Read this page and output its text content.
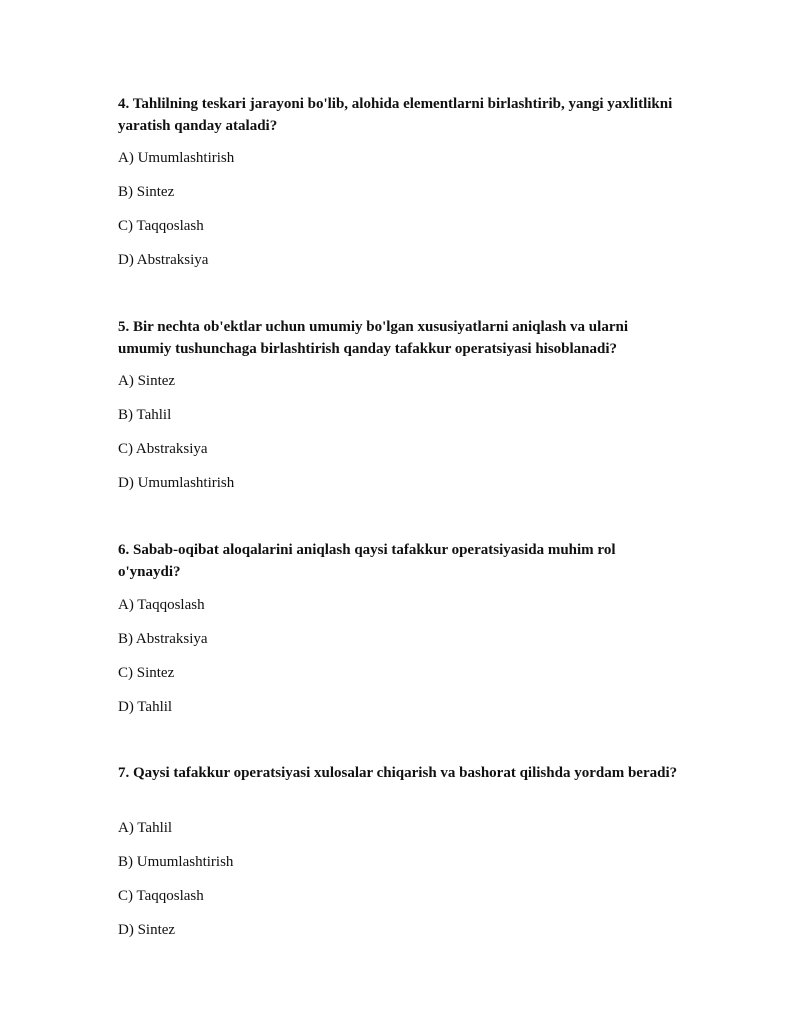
4. Tahlilning teskari jarayoni bo'lib, alohida elementlarni birlashtirib, yangi yaxlitlikni yaratish qanday ataladi?

A) Umumlashtirish

B) Sintez

C) Taqqoslash

D) Abstraksiya

5. Bir nechta ob'ektlar uchun umumiy bo'lgan xususiyatlarni aniqlash va ularni umumiy tushunchaga birlashtirish qanday tafakkur operatsiyasi hisoblanadi?

A) Sintez

B) Tahlil

C) Abstraksiya

D) Umumlashtirish

6. Sabab-oqibat aloqalarini aniqlash qaysi tafakkur operatsiyasida muhim rol o'ynaydi?

A) Taqqoslash

B) Abstraksiya

C) Sintez

D) Tahlil

7. Qaysi tafakkur operatsiyasi xulosalar chiqarish va bashorat qilishda yordam beradi?

A) Tahlil

B) Umumlashtirish

C) Taqqoslash

D) Sintez
